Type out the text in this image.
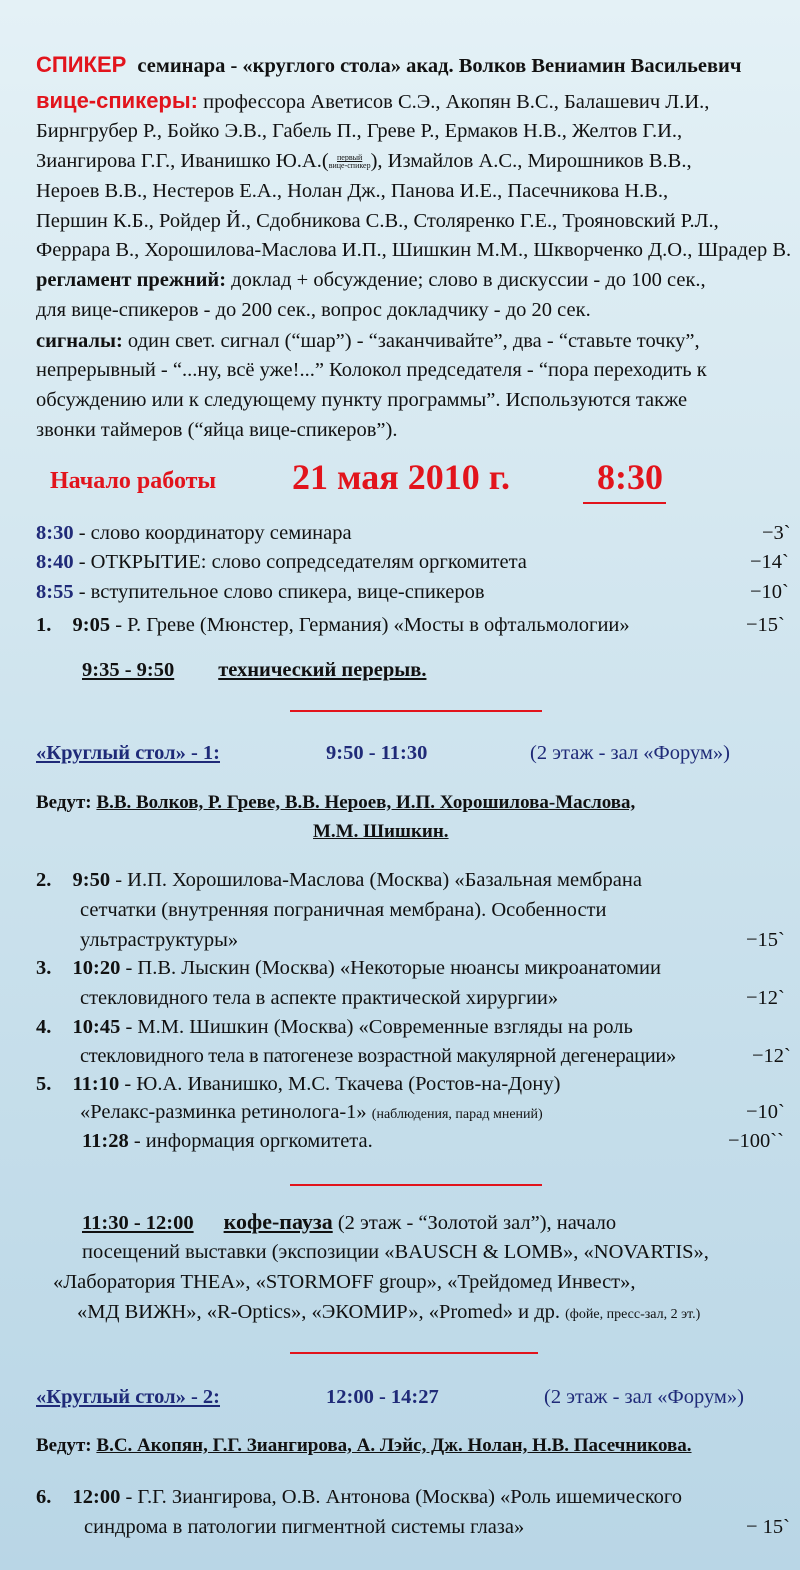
СПИКЕР семинара - «круглого стола» акад. Волков Вениамин Васильевич
вице-спикеры: профессора Аветисов С.Э., Акопян В.С., Балашевич Л.И.,
Бирнгрубер Р., Бойко Э.В., Габель П., Греве Р., Ермаков Н.В., Желтов Г.И.,
Зиангирова Г.Г., Иванишко Ю.А.( первый
вице-спикер), Измайлов А.С., Мирошников В.В.,
Нероев В.В., Нестеров Е.А., Нолан Дж., Панова И.Е., Пасечникова Н.В.,
Першин К.Б., Ройдер Й., Сдобникова С.В., Столяренко Г.Е., Трояновский Р.Л.,
Феррара В., Хорошилова-Маслова И.П., Шишкин М.М., Шкворченко Д.О., Шрадер В.
регламент прежний: доклад + обсуждение; слово в дискуссии - до 100 сек.,
для вице-спикеров - до 200 сек., вопрос докладчику - до 20 сек.
сигналы: один свет. сигнал (“шар”) - “заканчивайте”, два - “ставьте точку”,
непрерывный - “...ну, всё уже!...” Колокол председателя - “пора переходить к
обсуждению или к следующему пункту программы”. Используются также
звонки таймеров (“яйца вице-спикеров”).
Начало работы 21 мая 2010 г. 8:30
8:30 - слово координатору семинара	−3`
8:40 - ОТКРЫТИЕ: слово сопредседателям оргкомитета	−14`
8:55 - вступительное слово спикера, вице-спикеров	−10`
1. 9:05 - Р. Греве (Мюнстер, Германия) «Мосты в офтальмологии»	−15`
9:35 - 9:50 технический перерыв.
«Круглый стол» - 1:	9:50 - 11:30	(2 этаж - зал «Форум»)
Ведут: В.В. Волков, Р. Греве, В.В. Нероев, И.П. Хорошилова-Маслова,
М.М. Шишкин.
2. 9:50 - И.П. Хорошилова-Маслова (Москва) «Базальная мембрана
сетчатки (внутренняя пограничная мембрана). Особенности
ультраструктуры»	−15`
3. 10:20 - П.В. Лыскин (Москва) «Некоторые нюансы микроанатомии
стекловидного тела в аспекте практической хирургии»	−12`
4. 10:45 - М.М. Шишкин (Москва) «Современные взгляды на роль
стекловидного тела в патогенезе возрастной макулярной дегенерации»	−12`
5. 11:10 - Ю.А. Иванишко, М.С. Ткачева (Ростов-на-Дону)
«Релакс-разминка ретинолога-1» (наблюдения, парад мнений)	−10`
11:28 - информация оргкомитета.	−100``
11:30 - 12:00 кофе-пауза (2 этаж - “Золотой зал”), начало
посещений выставки (экспозиции «BAUSCH & LOMB», «NOVARTIS»,
«Лаборатория THEA», «STORMOFF group», «Трейдомед Инвест»,
«МД ВИЖН», «R-Optics», «ЭКОМИР», «Promed» и др. (фойе, пресс-зал, 2 эт.)
«Круглый стол» - 2:	12:00 - 14:27	(2 этаж - зал «Форум»)
Ведут: В.С. Акопян, Г.Г. Зиангирова, А. Лэйс, Дж. Нолан, Н.В. Пасечникова.
6. 12:00 - Г.Г. Зиангирова, О.В. Антонова (Москва) «Роль ишемического
синдрома в патологии пигментной системы глаза»	− 15`
